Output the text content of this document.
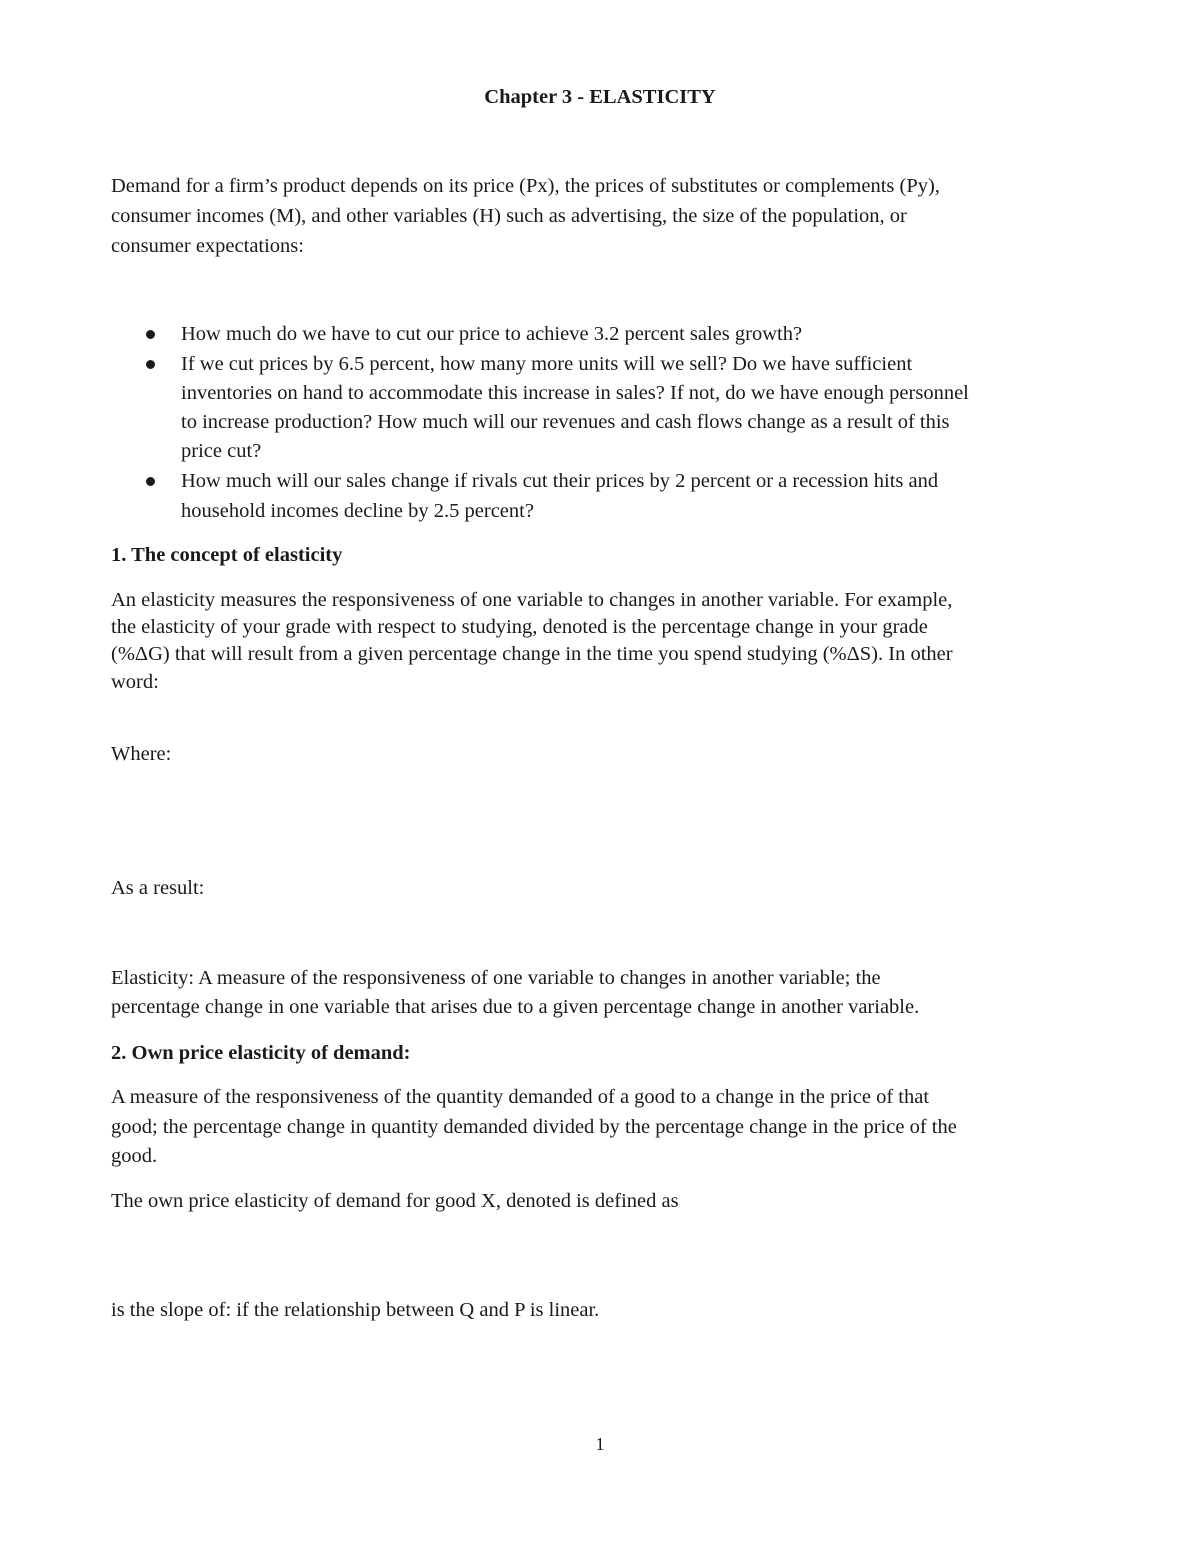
Chapter 3 - ELASTICITY
Demand for a firm’s product depends on its price (Px), the prices of substitutes or complements (Py),
consumer incomes (M), and other variables (H) such as advertising, the size of the population, or
consumer expectations:
How much do we have to cut our price to achieve 3.2 percent sales growth?
If we cut prices by 6.5 percent, how many more units will we sell? Do we have sufficient
inventories on hand to accommodate this increase in sales? If not, do we have enough personnel
to increase production? How much will our revenues and cash flows change as a result of this
price cut?
How much will our sales change if rivals cut their prices by 2 percent or a recession hits and
household incomes decline by 2.5 percent?
1. The concept of elasticity
An elasticity measures the responsiveness of one variable to changes in another variable. For example,
the elasticity of your grade with respect to studying, denoted is the percentage change in your grade
(%ΔG) that will result from a given percentage change in the time you spend studying (%ΔS). In other
word:
Where:
As a result:
Elasticity: A measure of the responsiveness of one variable to changes in another variable; the
percentage change in one variable that arises due to a given percentage change in another variable.
2. Own price elasticity of demand:
A measure of the responsiveness of the quantity demanded of a good to a change in the price of that
good; the percentage change in quantity demanded divided by the percentage change in the price of the
good.
The own price elasticity of demand for good X, denoted is defined as
is the slope of: if the relationship between Q and P is linear.
1
